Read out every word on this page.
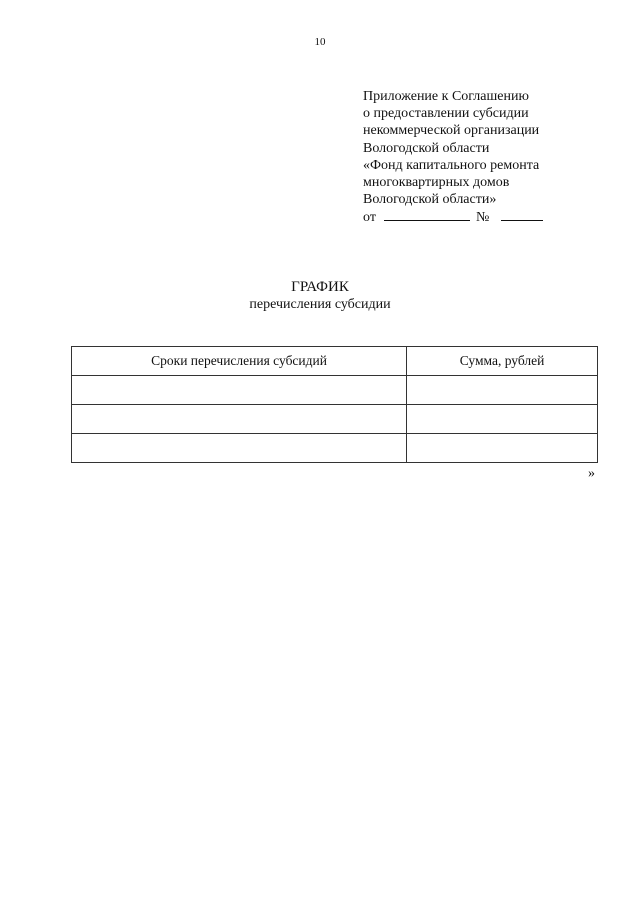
10
Приложение к Соглашению
о предоставлении субсидии
некоммерческой организации
Вологодской области
«Фонд капитального ремонта
многоквартирных домов
Вологодской области»
от	№
ГРАФИК
перечисления субсидии
Сроки перечисления субсидий	Сумма, рублей

»
